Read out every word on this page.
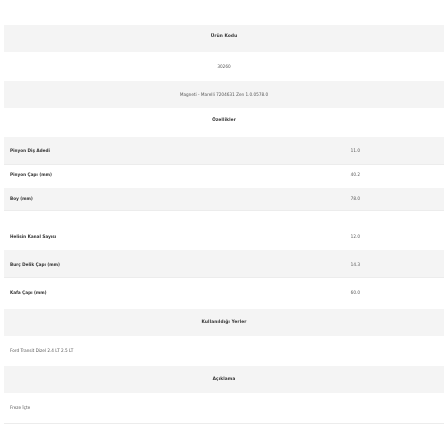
Ürün Kodu
30260
Magneti - Marelli 7204631 Zen 1.0.0578.0
Özellikler
Pinyon Diş Adedi	11.0
Pinyon Çapı (mm)	40.2
Boy (mm)	78.0
Helisin Kanal Sayısı	12.0
Burç Delik Çapı (mm)	14.3
Kafa Çapı (mm)	60.0
Kullanıldığı Yerler
Ford Transit Dizel 2.4 LT 2.5 LT
Açıklama
Freze İçte
